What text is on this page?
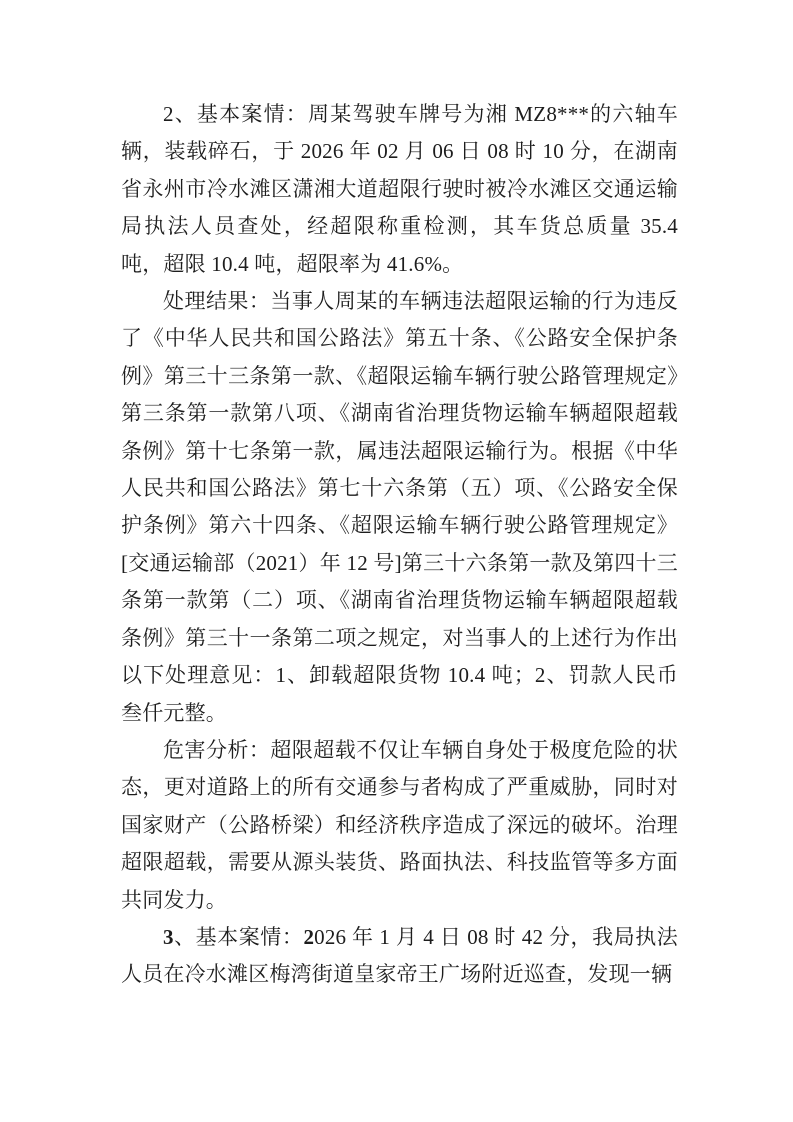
2、基本案情：周某驾驶车牌号为湘 MZ8***的六轴车辆，装载碎石，于 2026 年 02 月 06 日 08 时 10 分，在湖南省永州市冷水滩区潇湘大道超限行驶时被冷水滩区交通运输局执法人员查处，经超限称重检测，其车货总质量 35.4 吨，超限 10.4 吨，超限率为 41.6%。

处理结果：当事人周某的车辆违法超限运输的行为违反了《中华人民共和国公路法》第五十条、《公路安全保护条例》第三十三条第一款、《超限运输车辆行驶公路管理规定》第三条第一款第八项、《湖南省治理货物运输车辆超限超载条例》第十七条第一款，属违法超限运输行为。根据《中华人民共和国公路法》第七十六条第（五）项、《公路安全保护条例》第六十四条、《超限运输车辆行驶公路管理规定》[交通运输部（2021）年 12 号]第三十六条第一款及第四十三条第一款第（二）项、《湖南省治理货物运输车辆超限超载条例》第三十一条第二项之规定，对当事人的上述行为作出以下处理意见：1、卸载超限货物 10.4 吨；2、罚款人民币叁仟元整。

危害分析：超限超载不仅让车辆自身处于极度危险的状态，更对道路上的所有交通参与者构成了严重威胁，同时对国家财产（公路桥梁）和经济秩序造成了深远的破坏。治理超限超载，需要从源头装货、路面执法、科技监管等多方面共同发力。

3、基本案情：2026 年 1 月 4 日 08 时 42 分，我局执法人员在冷水滩区梅湾街道皇家帝王广场附近巡查，发现一辆
